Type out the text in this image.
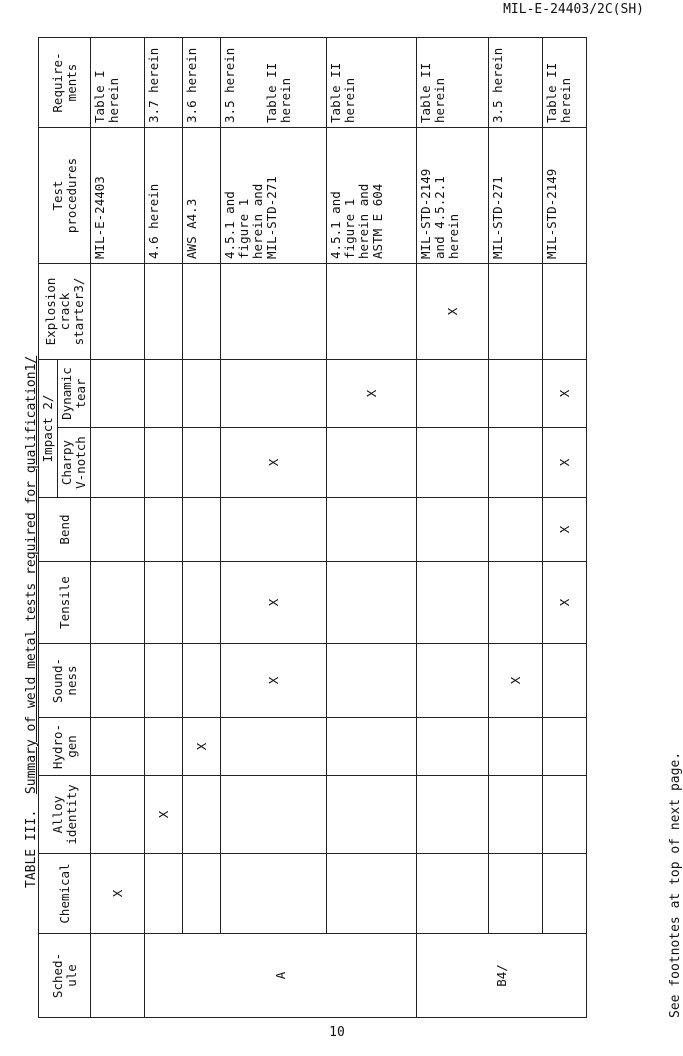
MIL-E-24403/2C(SH)
TABLE III.  Summary of weld metal tests required for qualification1/
Sched-
ule	Chemical	Alloy
identity	Hydro-
gen	Sound-
ness	Tensile	Bend	Impact 2/		Explosion
crack
starter3/	Test
procedures	Require-
ments
							Charpy
V-notch	Dynamic
tear			
	X									MIL-E-24403	Table I
herein
A		X								4.6 herein	3.7 herein
			X							AWS A4.3	3.6 herein
				X	X		X			4.5.1 and
figure 1
herein and
MIL-STD-271	3.5 herein

Table II
herein
								X		4.5.1 and
figure 1
herein and
ASTM E 604	Table II
herein
B4/									X	MIL-STD-2149
and 4.5.2.1
herein	Table II
herein
				X						MIL-STD-271	3.5 herein
					X	X	X	X		MIL-STD-2149	Table II
herein
See footnotes at top of next page.
10
